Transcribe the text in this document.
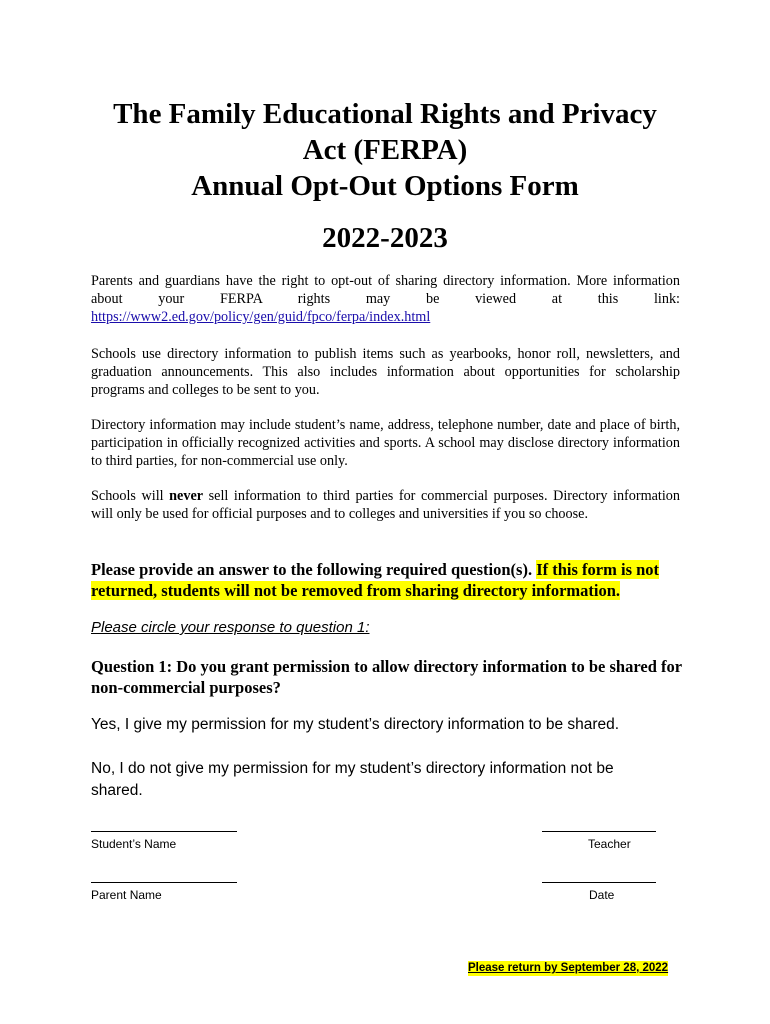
The Family Educational Rights and Privacy
Act (FERPA)
Annual Opt-Out Options Form
2022-2023

Parents and guardians have the right to opt-out of sharing directory information. More information about your FERPA rights may be viewed at this link: https://www2.ed.gov/policy/gen/guid/fpco/ferpa/index.html

Schools use directory information to publish items such as yearbooks, honor roll, newsletters, and graduation announcements. This also includes information about opportunities for scholarship programs and colleges to be sent to you.

Directory information may include student’s name, address, telephone number, date and place of birth, participation in officially recognized activities and sports. A school may disclose directory information to third parties, for non-commercial use only.

Schools will never sell information to third parties for commercial purposes. Directory information will only be used for official purposes and to colleges and universities if you so choose.

Please provide an answer to the following required question(s). If this form is not returned, students will not be removed from sharing directory information.

Please circle your response to question 1:

Question 1: Do you grant permission to allow directory information to be shared for non-commercial purposes?

Yes, I give my permission for my student’s directory information to be shared.

No, I do not give my permission for my student’s directory information not be shared.

Student’s Name	Teacher

Parent Name	Date

Please return by September 28, 2022
